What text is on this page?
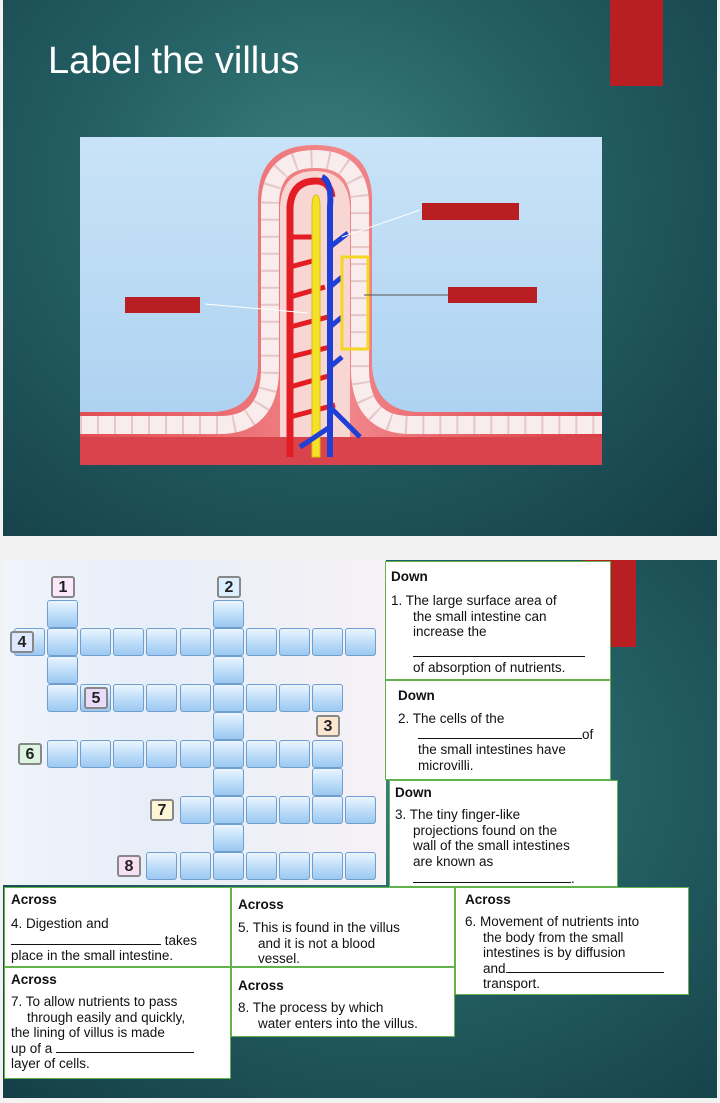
Label the villus
1	2
3
4
5
6
7
8
Down
1. The large surface area of
the small intestine can
increase the
of absorption of nutrients.
Down
2. The cells of the
of
the small intestines have
microvilli.
Down
3. The tiny finger-like
projections found on the
wall of the small intestines
are known as
.
Across
4. Digestion and
takes
place in the small intestine.
Across
7. To allow nutrients to pass
through easily and quickly,
the lining of villus is made
up of a
layer of cells.
Across
5. This is found in the villus
and it is not a blood
vessel.
Across
8. The process by which
water enters into the villus.
Across
6. Movement of nutrients into
the body from the small
intestines is by diffusion
and
transport.
